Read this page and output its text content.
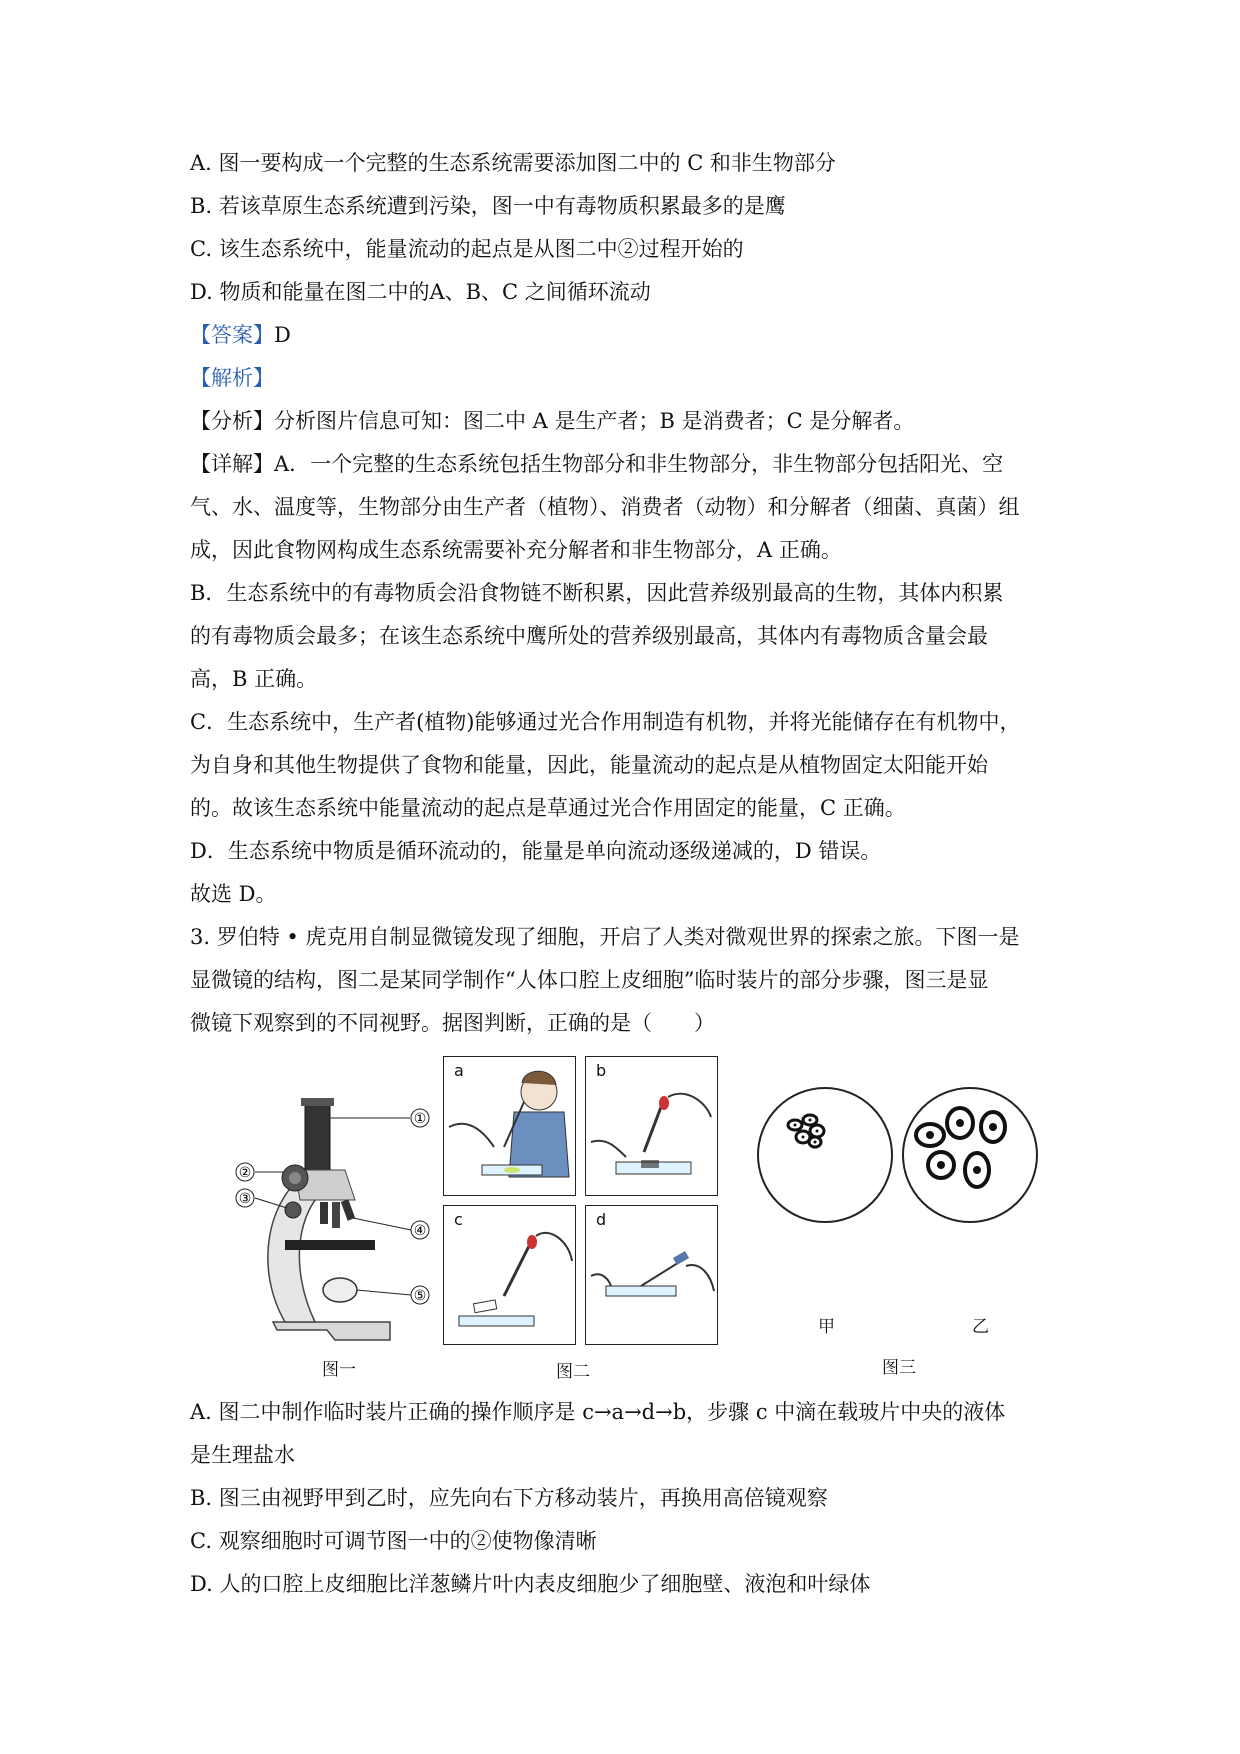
A. 图一要构成一个完整的生态系统需要添加图二中的 C 和非生物部分
B. 若该草原生态系统遭到污染，图一中有毒物质积累最多的是鹰
C. 该生态系统中，能量流动的起点是从图二中②过程开始的
D. 物质和能量在图二中的A、B、C 之间循环流动
【答案】D
【解析】
【分析】分析图片信息可知：图二中 A 是生产者；B 是消费者；C 是分解者。
【详解】A．一个完整的生态系统包括生物部分和非生物部分，非生物部分包括阳光、空
气、水、温度等，生物部分由生产者（植物）、消费者（动物）和分解者（细菌、真菌）组
成，因此食物网构成生态系统需要补充分解者和非生物部分，A 正确。
B．生态系统中的有毒物质会沿食物链不断积累，因此营养级别最高的生物，其体内积累
的有毒物质会最多；在该生态系统中鹰所处的营养级别最高，其体内有毒物质含量会最
高，B 正确。
C．生态系统中，生产者(植物)能够通过光合作用制造有机物，并将光能储存在有机物中，
为自身和其他生物提供了食物和能量，因此，能量流动的起点是从植物固定太阳能开始
的。故该生态系统中能量流动的起点是草通过光合作用固定的能量，C 正确。
D．生态系统中物质是循环流动的，能量是单向流动逐级递减的，D 错误。
故选 D。
3. 罗伯特 • 虎克用自制显微镜发现了细胞，开启了人类对微观世界的探索之旅。下图一是
显微镜的结构，图二是某同学制作“人体口腔上皮细胞”临时装片的部分步骤，图三是显
微镜下观察到的不同视野。据图判断，正确的是（　　）
①
②
③
④
⑤
图一
a	b
c	d
图二
甲	乙
图三
A. 图二中制作临时装片正确的操作顺序是 c→a→d→b，步骤 c 中滴在载玻片中央的液体
是生理盐水
B. 图三由视野甲到乙时，应先向右下方移动装片，再换用高倍镜观察
C. 观察细胞时可调节图一中的②使物像清晰
D. 人的口腔上皮细胞比洋葱鳞片叶内表皮细胞少了细胞壁、液泡和叶绿体
